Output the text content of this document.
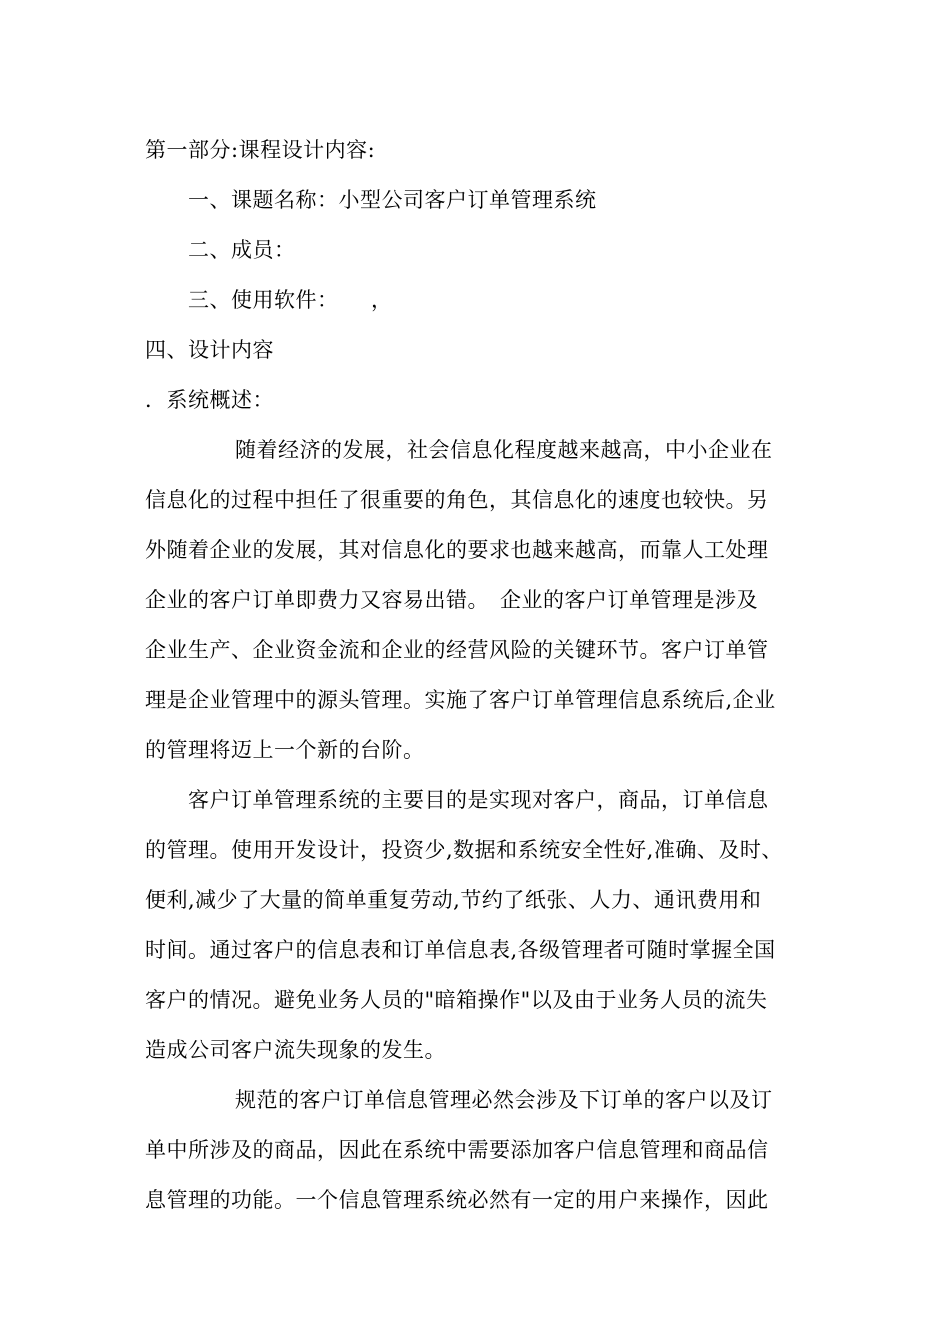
第一部分:课程设计内容:
一、课题名称：小型公司客户订单管理系统
二、成员：
三、使用软件：　　，
四、设计内容
．系统概述：
随着经济的发展，社会信息化程度越来越高，中小企业在
信息化的过程中担任了很重要的角色，其信息化的速度也较快。另
外随着企业的发展，其对信息化的要求也越来越高，而靠人工处理
企业的客户订单即费力又容易出错。　企业的客户订单管理是涉及
企业生产、企业资金流和企业的经营风险的关键环节。客户订单管
理是企业管理中的源头管理。实施了客户订单管理信息系统后,企业
的管理将迈上一个新的台阶。
客户订单管理系统的主要目的是实现对客户，商品，订单信息
的管理。使用开发设计，投资少,数据和系统安全性好,准确、及时、
便利,减少了大量的简单重复劳动,节约了纸张、人力、通讯费用和
时间。通过客户的信息表和订单信息表,各级管理者可随时掌握全国
客户的情况。避免业务人员的"暗箱操作"以及由于业务人员的流失
造成公司客户流失现象的发生。
规范的客户订单信息管理必然会涉及下订单的客户以及订
单中所涉及的商品，因此在系统中需要添加客户信息管理和商品信
息管理的功能。一个信息管理系统必然有一定的用户来操作，因此
